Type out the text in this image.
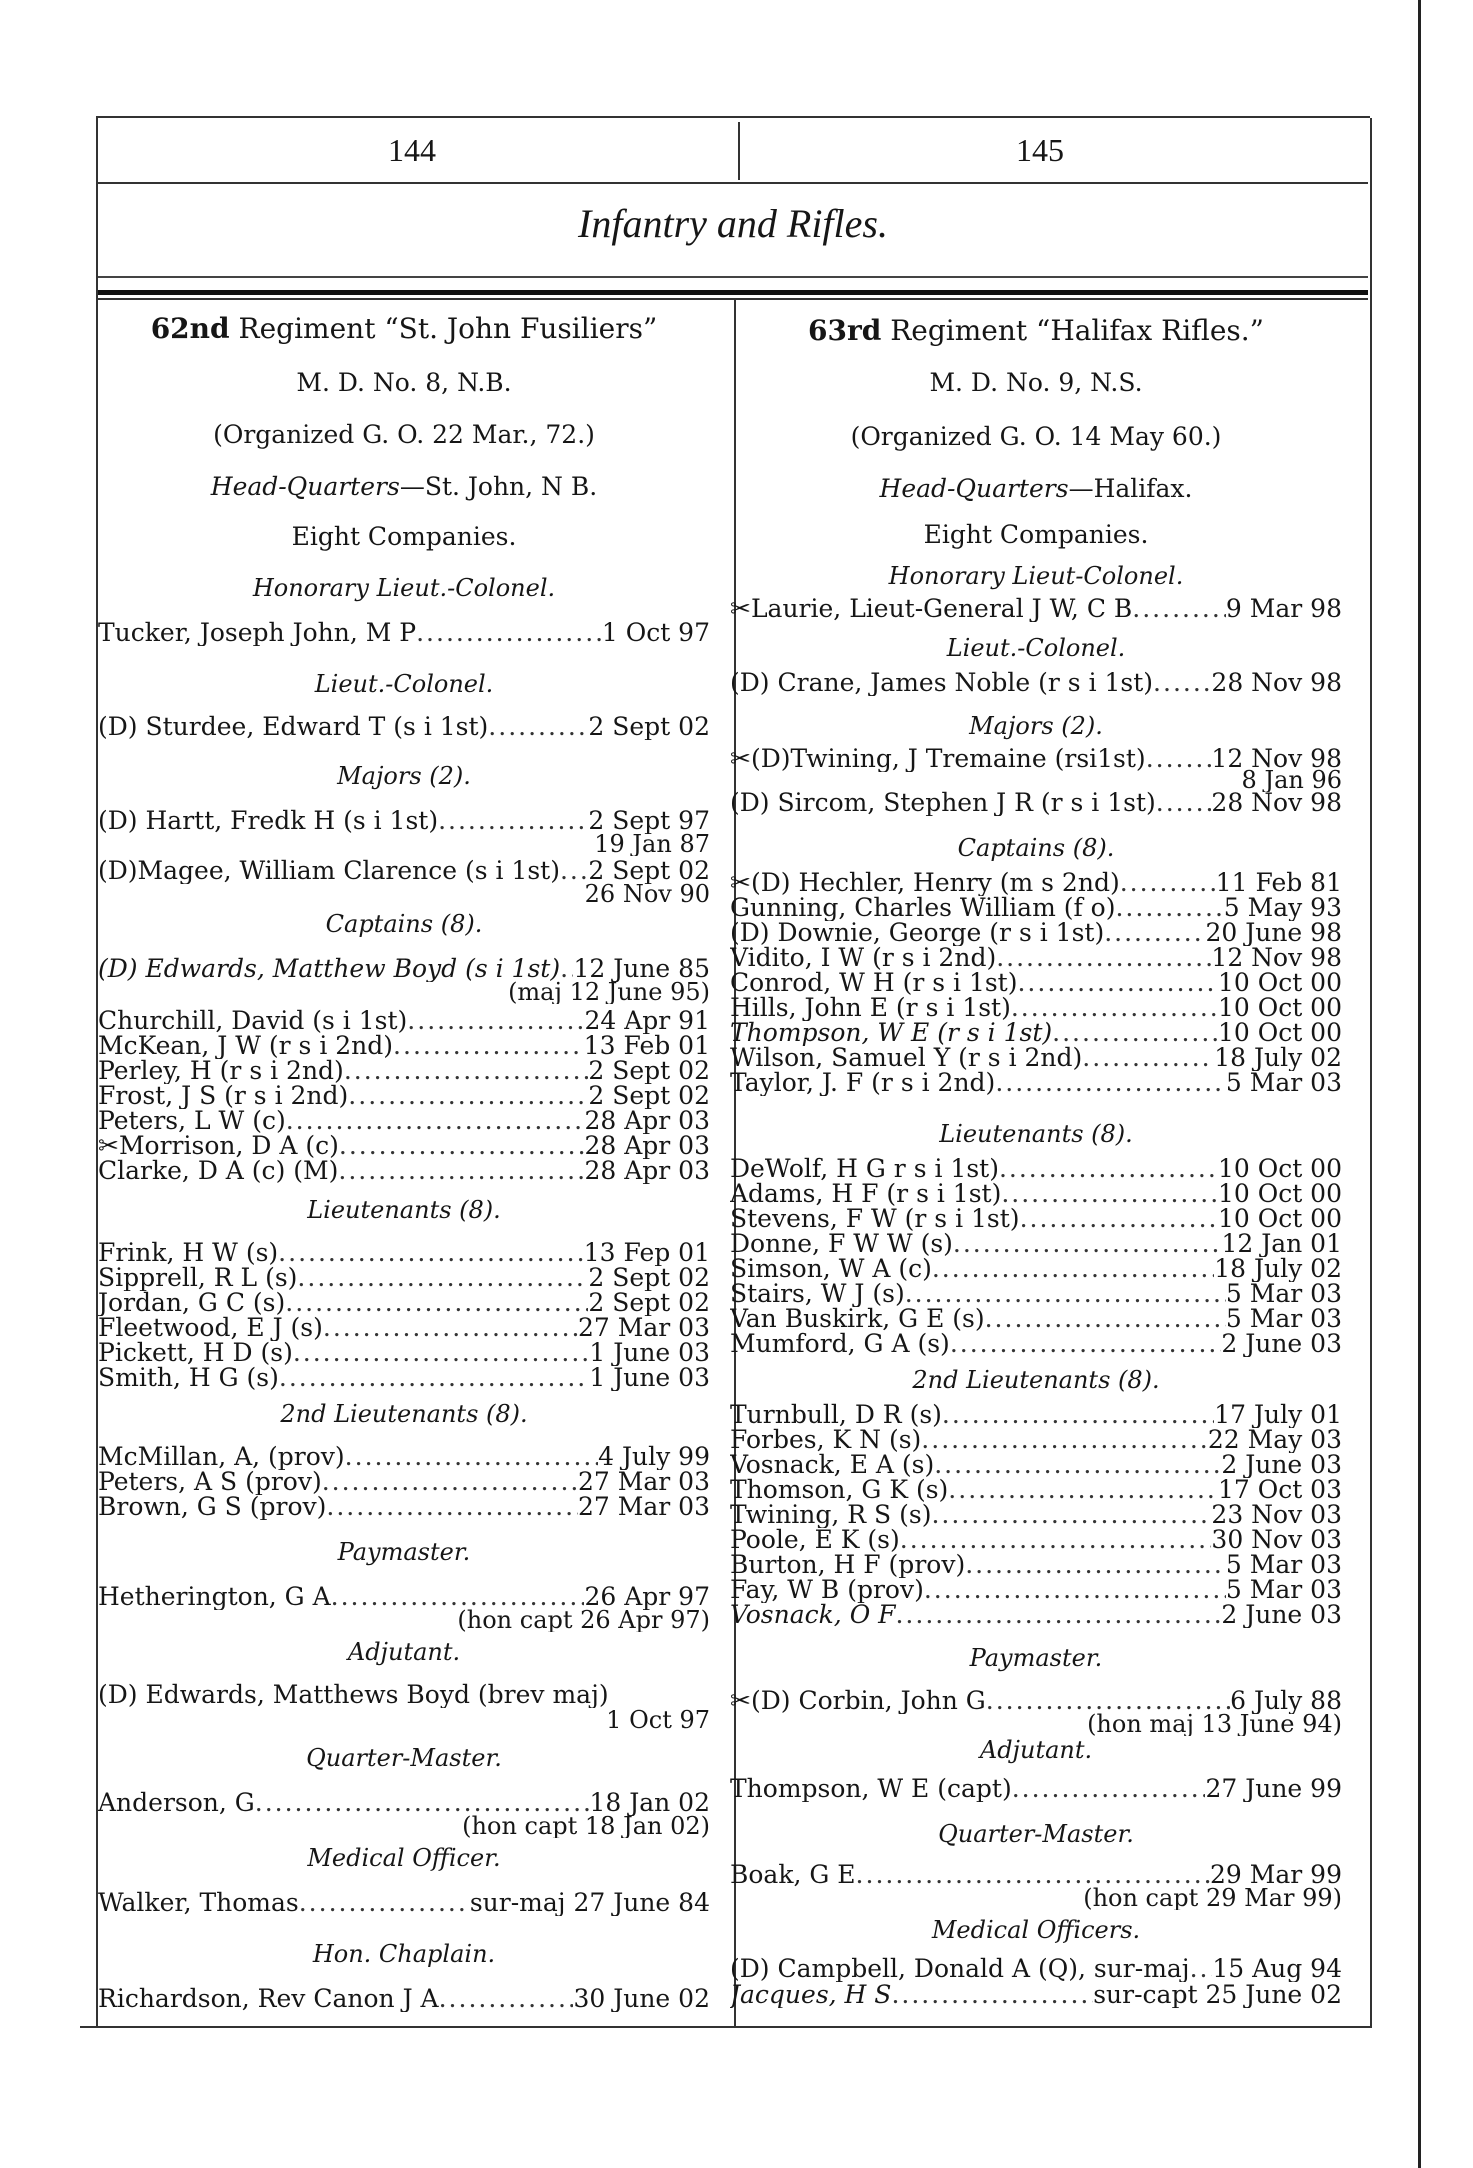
144	145
Infantry and Rifles.
62nd Regiment “St. John Fusiliers”
M. D. No. 8, N.B.
(Organized G. O. 22 Mar., 72.)
Head-Quarters—St. John, N B.
Eight Companies.
Honorary Lieut.-Colonel.
Tucker, Joseph John, M P .....	1 Oct 97
Lieut.-Colonel.
(D) Sturdee, Edward T (s i 1st) .....	2 Sept 02
Majors (2).
(D) Hartt, Fredk H (s i 1st) .....	2 Sept 97
19 Jan 87
(D)Magee, William Clarence (s i 1st) ..... 2 Sept 02
26 Nov 90
Captains (8).
(D) Edwards, Matthew Boyd (s i 1st) ..... 12 June 85
(maj 12 June 95)
Churchill, David (s i 1st) .....	24 Apr 91
McKean, J W (r s i 2nd) .....	13 Feb 01
Perley, H (r s i 2nd) .....	2 Sept 02
Frost, J S (r s i 2nd) .....	2 Sept 02
Peters, L W (c) .....	28 Apr 03
✂Morrison, D A (c) .....	28 Apr 03
Clarke, D A (c) (M) .....	28 Apr 03
Lieutenants (8).
Frink, H W (s) .....	13 Fep 01
Sipprell, R L (s) .....	2 Sept 02
Jordan, G C (s) .....	2 Sept 02
Fleetwood, E J (s) .....	27 Mar 03
Pickett, H D (s) .....	1 June 03
Smith, H G (s) .....	1 June 03
2nd Lieutenants (8).
McMillan, A, (prov) .....	4 July 99
Peters, A S (prov) .....	27 Mar 03
Brown, G S (prov) .....	27 Mar 03
Paymaster.
Hetherington, G A .....	26 Apr 97
(hon capt 26 Apr 97)
Adjutant.
(D) Edwards, Matthews Boyd (brev maj)
1 Oct 97
Quarter-Master.
Anderson, G .....	18 Jan 02
(hon capt 18 Jan 02)
Medical Officer.
Walker, Thomas .....	sur-maj 27 June 84
Hon. Chaplain.
Richardson, Rev Canon J A .....	30 June 02
63rd Regiment “Halifax Rifles.”
M. D. No. 9, N.S.
(Organized G. O. 14 May 60.)
Head-Quarters—Halifax.
Eight Companies.
Honorary Lieut-Colonel.
✂Laurie, Lieut-General J W, C B .....	9 Mar 98
Lieut.-Colonel.
(D) Crane, James Noble (r s i 1st) ..... 28 Nov 98
Majors (2).
✂(D)Twining, J Tremaine (rsi1st) .....	12 Nov 98
8 Jan 96
(D) Sircom, Stephen J R (r s i 1st) ..... 28 Nov 98
Captains (8).
✂(D) Hechler, Henry (m s 2nd) .....	11 Feb 81
Gunning, Charles William (f o) .....	5 May 93
(D) Downie, George (r s i 1st) .....	20 June 98
Vidito, I W (r s i 2nd) .....	12 Nov 98
Conrod, W H (r s i 1st) .....	10 Oct 00
Hills, John E (r s i 1st) .....	10 Oct 00
Thompson, W E (r s i 1st) .....	10 Oct 00
Wilson, Samuel Y (r s i 2nd) .....	18 July 02
Taylor, J. F (r s i 2nd) .....	5 Mar 03
Lieutenants (8).
DeWolf, H G r s i 1st) .....	10 Oct 00
Adams, H F (r s i 1st) .....	10 Oct 00
Stevens, F W (r s i 1st) .....	10 Oct 00
Donne, F W W (s) .....	12 Jan 01
Simson, W A (c) .....	18 July 02
Stairs, W J (s) .....	5 Mar 03
Van Buskirk, G E (s) .....	5 Mar 03
Mumford, G A (s) .....	2 June 03
2nd Lieutenants (8).
Turnbull, D R (s) .....	17 July 01
Forbes, K N (s) .....	22 May 03
Vosnack, E A (s) .....	2 June 03
Thomson, G K (s) .....	17 Oct 03
Twining, R S (s) .....	23 Nov 03
Poole, E K (s) .....	30 Nov 03
Burton, H F (prov) .....	5 Mar 03
Fay, W B (prov) .....	5 Mar 03
Vosnack, O F .....	2 June 03
Paymaster.
✂(D) Corbin, John G .....	6 July 88
(hon maj 13 June 94)
Adjutant.
Thompson, W E (capt) .....	27 June 99
Quarter-Master.
Boak, G E .....	29 Mar 99
(hon capt 29 Mar 99)
Medical Officers.
(D) Campbell, Donald A (Q), sur-maj ..... 15 Aug 94
Jacques, H S .....	sur-capt 25 June 02
